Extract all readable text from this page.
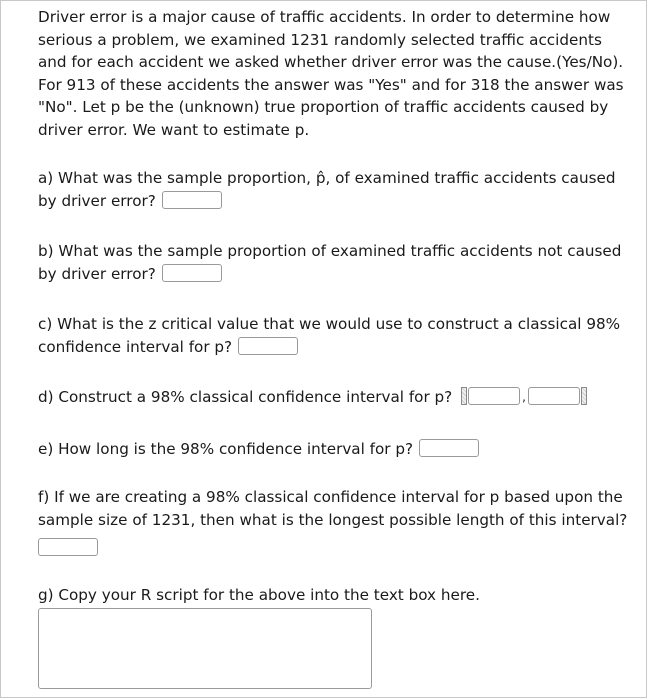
Driver error is a major cause of traffic accidents. In order to determine how
serious a problem, we examined 1231 randomly selected traffic accidents
and for each accident we asked whether driver error was the cause.(Yes/No).
For 913 of these accidents the answer was "Yes" and for 318 the answer was
"No". Let p be the (unknown) true proportion of traffic accidents caused by
driver error. We want to estimate p.

a) What was the sample proportion, p̂, of examined traffic accidents caused
by driver error?

b) What was the sample proportion of examined traffic accidents not caused
by driver error?

c) What is the z critical value that we would use to construct a classical 98%
confidence interval for p?

d) Construct a 98% classical confidence interval for p?	,

e) How long is the 98% confidence interval for p?

f) If we are creating a 98% classical confidence interval for p based upon the
sample size of 1231, then what is the longest possible length of this interval?

g) Copy your R script for the above into the text box here.
